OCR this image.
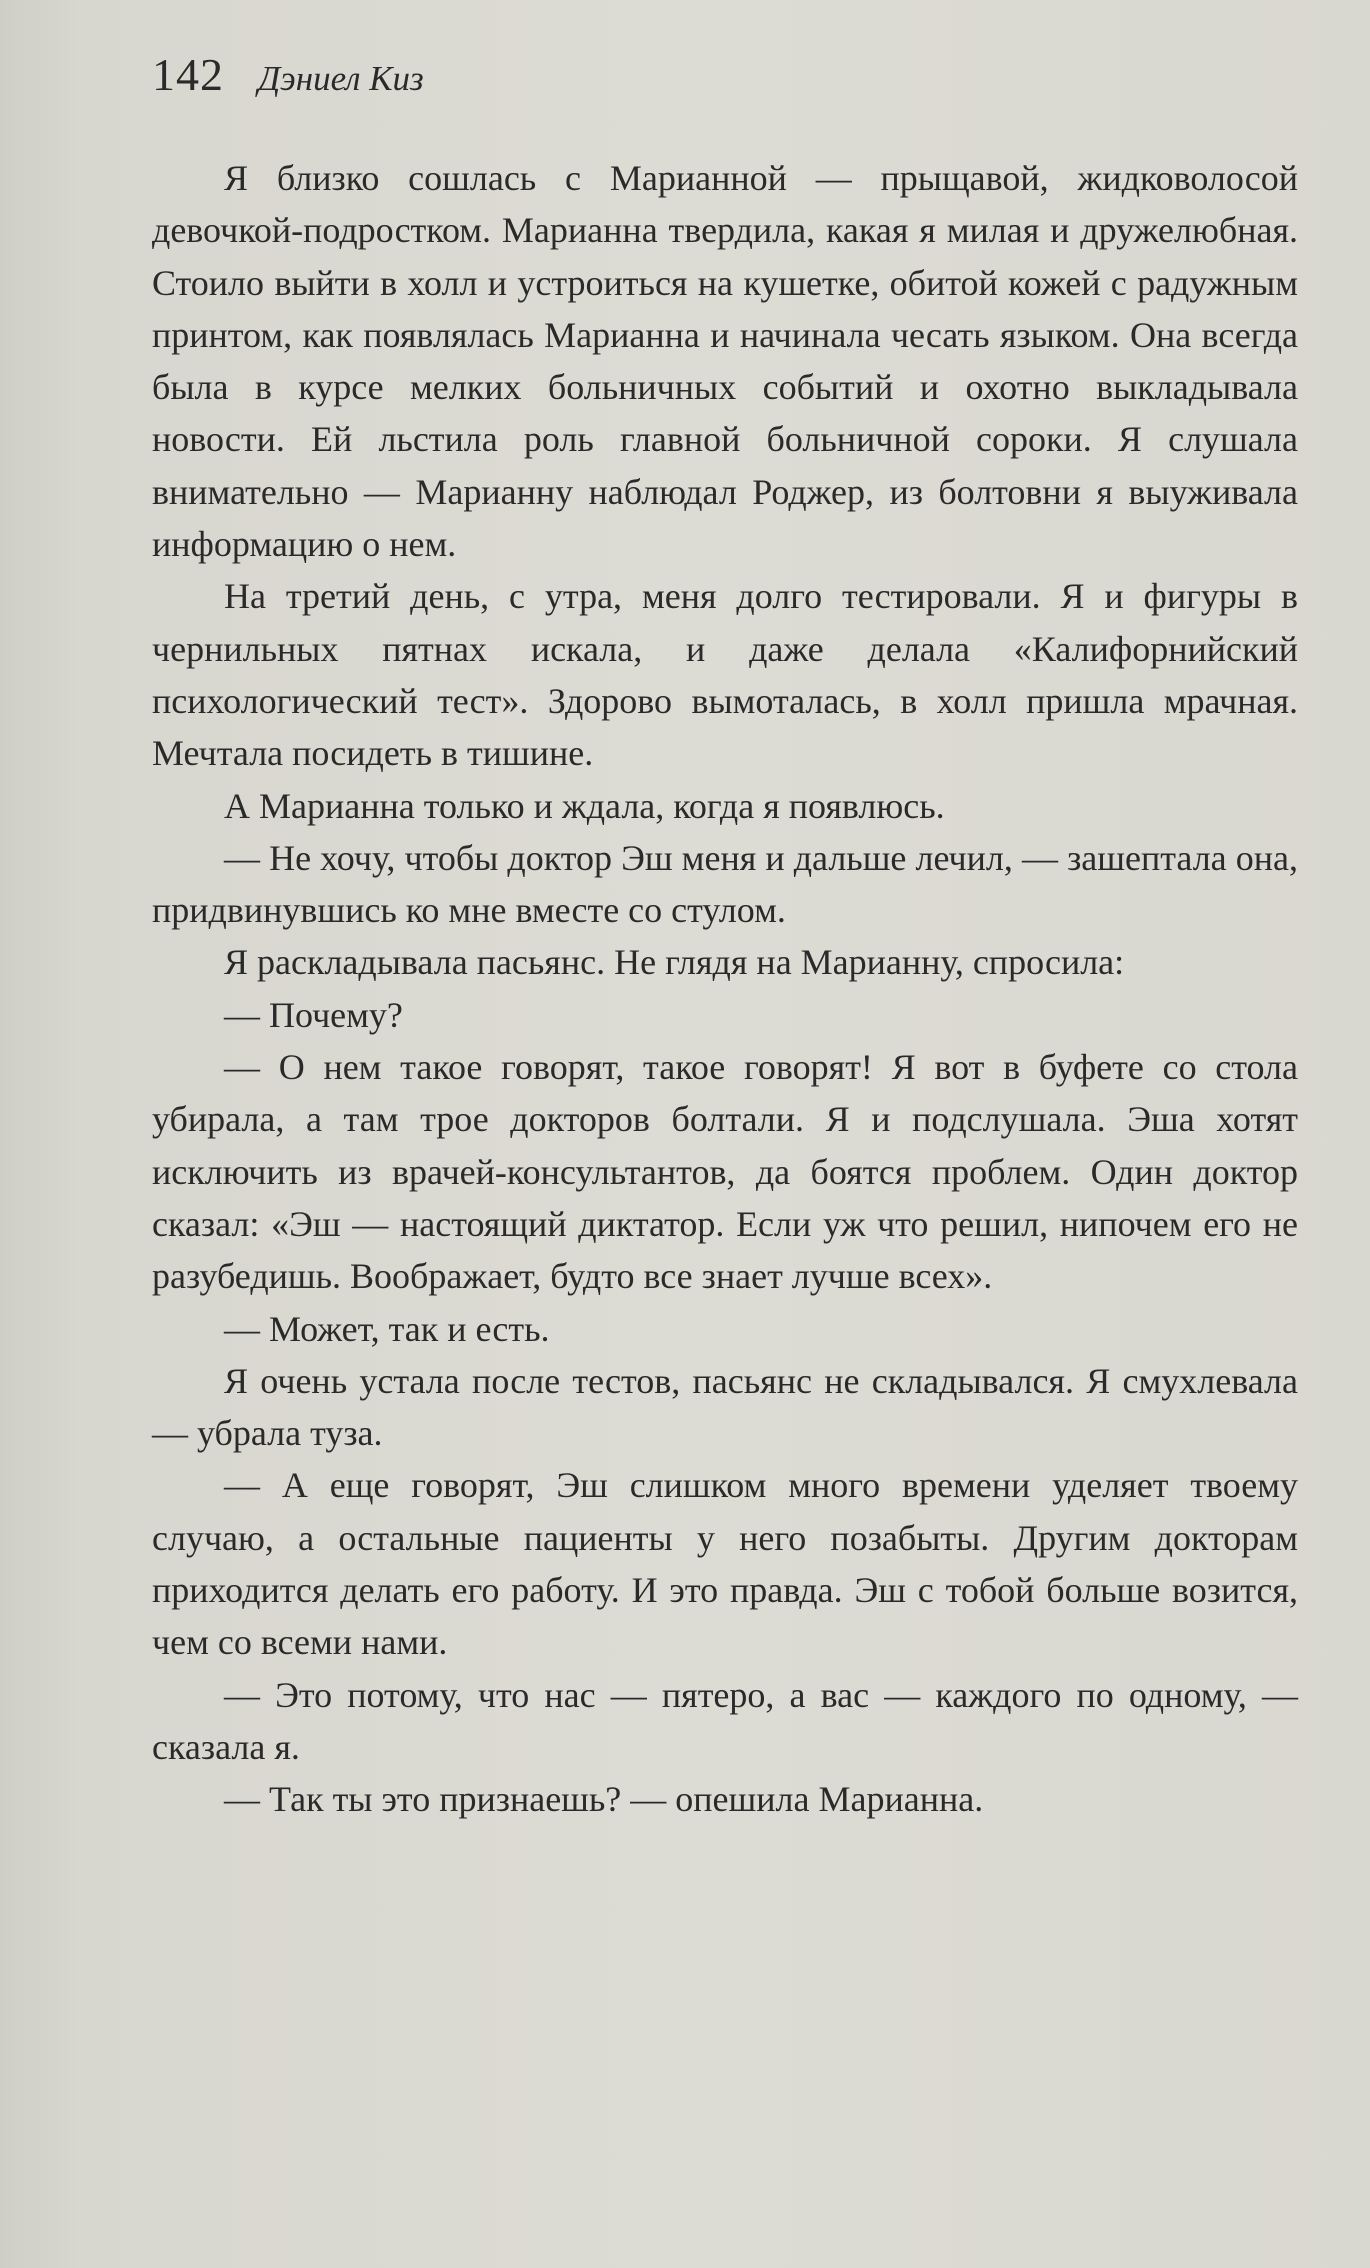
142 Дэниел Киз

Я близко сошлась с Марианной — прыщавой, жидковолосой девочкой-подростком. Марианна твердила, какая я милая и дружелюбная. Стоило выйти в холл и устроиться на кушетке, обитой кожей с радужным принтом, как появлялась Марианна и начинала чесать языком. Она всегда была в курсе мелких больничных событий и охотно выкладывала новости. Ей льстила роль главной больничной сороки. Я слушала внимательно — Марианну наблюдал Роджер, из болтовни я выуживала информацию о нем.

На третий день, с утра, меня долго тестировали. Я и фигуры в чернильных пятнах искала, и даже делала «Калифорнийский психологический тест». Здорово вымоталась, в холл пришла мрачная. Мечтала посидеть в тишине.

А Марианна только и ждала, когда я появлюсь.

— Не хочу, чтобы доктор Эш меня и дальше лечил, — зашептала она, придвинувшись ко мне вместе со стулом.

Я раскладывала пасьянс. Не глядя на Марианну, спросила:

— Почему?

— О нем такое говорят, такое говорят! Я вот в буфете со стола убирала, а там трое докторов болтали. Я и подслушала. Эша хотят исключить из врачей-консультантов, да боятся проблем. Один доктор сказал: «Эш — настоящий диктатор. Если уж что решил, нипочем его не разубедишь. Воображает, будто все знает лучше всех».

— Может, так и есть.

Я очень устала после тестов, пасьянс не складывался. Я смухлевала — убрала туза.

— А еще говорят, Эш слишком много времени уделяет твоему случаю, а остальные пациенты у него позабыты. Другим докторам приходится делать его работу. И это правда. Эш с тобой больше возится, чем со всеми нами.

— Это потому, что нас — пятеро, а вас — каждого по одному, — сказала я.

— Так ты это признаешь? — опешила Марианна.
